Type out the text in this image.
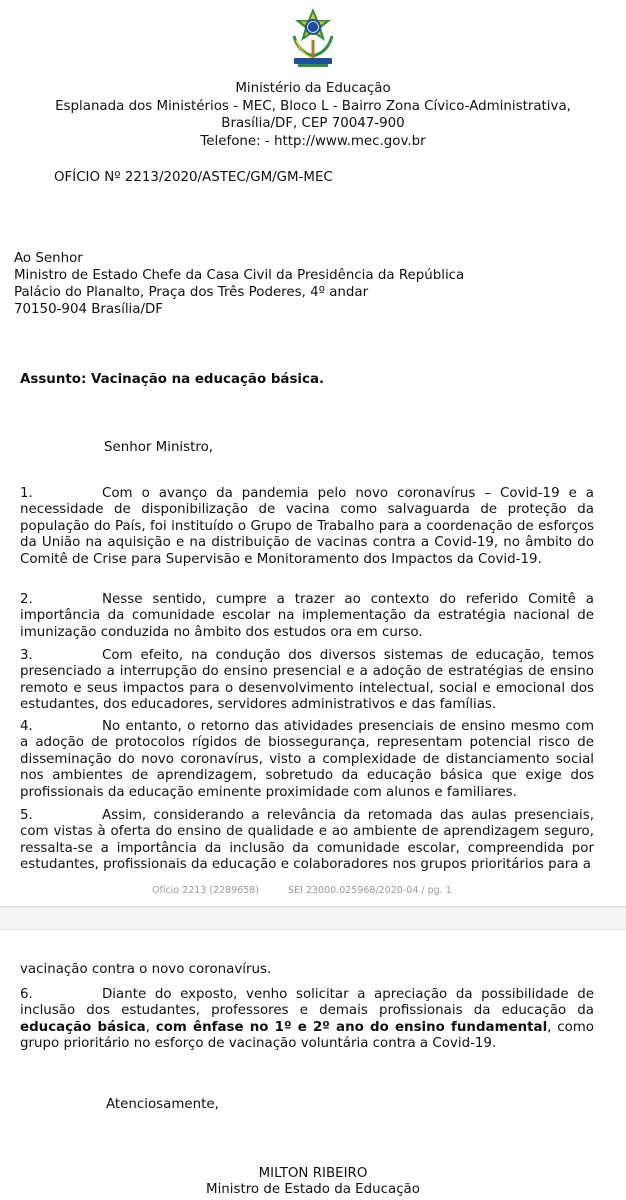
Ministério da Educação
Esplanada dos Ministérios - MEC, Bloco L - Bairro Zona Cívico-Administrativa,
Brasília/DF, CEP 70047-900
Telefone: - http://www.mec.gov.br
OFÍCIO Nº 2213/2020/ASTEC/GM/GM-MEC
Ao Senhor
Ministro de Estado Chefe da Casa Civil da Presidência da República
Palácio do Planalto, Praça dos Três Poderes, 4º andar
70150-904 Brasília/DF
Assunto: Vacinação na educação básica.
Senhor Ministro,
1.	Com o avanço da pandemia pelo novo coronavírus – Covid-19 e a necessidade de disponibilização de vacina como salvaguarda de proteção da população do País, foi instituído o Grupo de Trabalho para a coordenação de esforços da União na aquisição e na distribuição de vacinas contra a Covid-19, no âmbito do Comitê de Crise para Supervisão e Monitoramento dos Impactos da Covid-19.
2.	Nesse sentido, cumpre a trazer ao contexto do referido Comitê a importância da comunidade escolar na implementação da estratégia nacional de imunização conduzida no âmbito dos estudos ora em curso.
3.	Com efeito, na condução dos diversos sistemas de educação, temos presenciado a interrupção do ensino presencial e a adoção de estratégias de ensino remoto e seus impactos para o desenvolvimento intelectual, social e emocional dos estudantes, dos educadores, servidores administrativos e das famílias.
4.	No entanto, o retorno das atividades presenciais de ensino mesmo com a adoção de protocolos rígidos de biossegurança, representam potencial risco de disseminação do novo coronavírus, visto a complexidade de distanciamento social nos ambientes de aprendizagem, sobretudo da educação básica que exige dos profissionais da educação eminente proximidade com alunos e familiares.
5.	Assim, considerando a relevância da retomada das aulas presenciais, com vistas à oferta do ensino de qualidade e ao ambiente de aprendizagem seguro, ressalta-se a importância da inclusão da comunidade escolar, compreendida por estudantes, profissionais da educação e colaboradores nos grupos prioritários para a
Ofício 2213 (2289658)	SEI 23000.025968/2020-04 / pg. 1
vacinação contra o novo coronavírus.
6.	Diante do exposto, venho solicitar a apreciação da possibilidade de inclusão dos estudantes, professores e demais profissionais da educação da educação básica, com ênfase no 1º e 2º ano do ensino fundamental, como grupo prioritário no esforço de vacinação voluntária contra a Covid-19.
Atenciosamente,
MILTON RIBEIRO
Ministro de Estado da Educação
